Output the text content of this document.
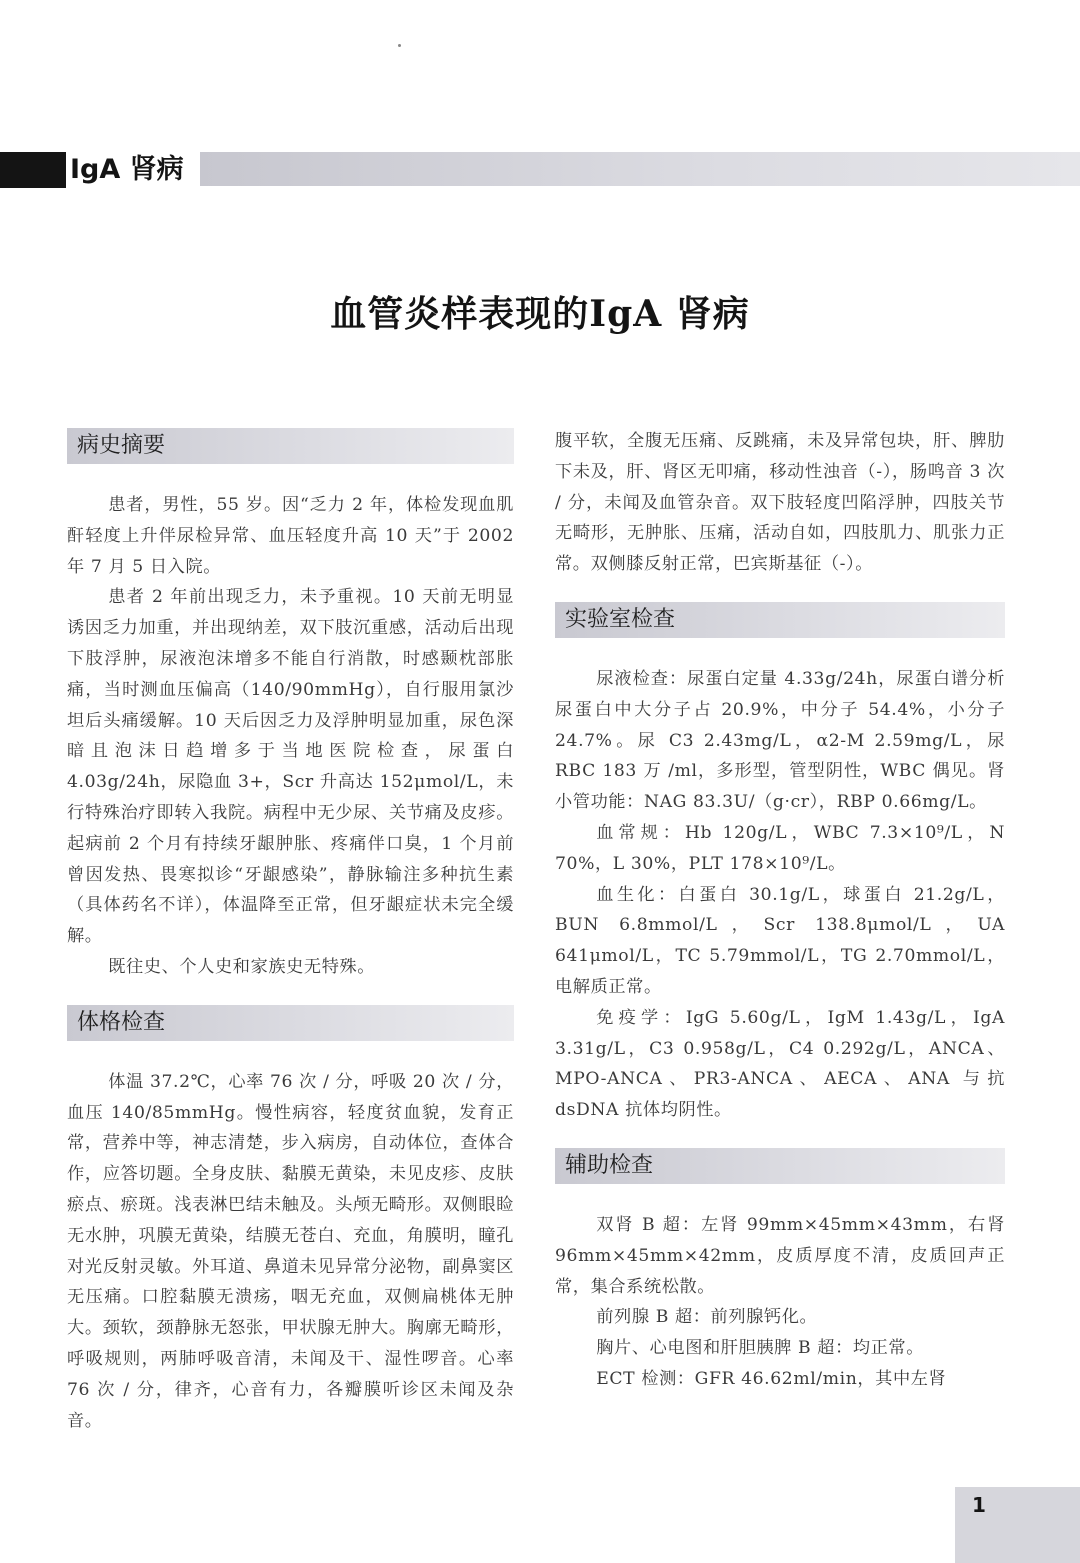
IgA 肾病
血管炎样表现的IgA 肾病
病史摘要

患者，男性，55 岁。因“乏力 2 年，体检发现血肌酐轻度上升伴尿检异常、血压轻度升高 10 天”于 2002 年 7 月 5 日入院。

患者 2 年前出现乏力，未予重视。10 天前无明显诱因乏力加重，并出现纳差，双下肢沉重感，活动后出现下肢浮肿，尿液泡沫增多不能自行消散，时感颞枕部胀痛，当时测血压偏高（140/90mmHg），自行服用氯沙坦后头痛缓解。10 天后因乏力及浮肿明显加重，尿色深暗且泡沫日趋增多于当地医院检查，尿蛋白 4.03g/24h，尿隐血 3+，Scr 升高达 152μmol/L，未行特殊治疗即转入我院。病程中无少尿、关节痛及皮疹。起病前 2 个月有持续牙龈肿胀、疼痛伴口臭，1 个月前曾因发热、畏寒拟诊“牙龈感染”，静脉输注多种抗生素（具体药名不详），体温降至正常，但牙龈症状未完全缓解。

既往史、个人史和家族史无特殊。

体格检查

体温 37.2℃，心率 76 次 / 分，呼吸 20 次 / 分，血压 140/85mmHg。慢性病容，轻度贫血貌，发育正常，营养中等，神志清楚，步入病房，自动体位，查体合作，应答切题。全身皮肤、黏膜无黄染，未见皮疹、皮肤瘀点、瘀斑。浅表淋巴结未触及。头颅无畸形。双侧眼睑无水肿，巩膜无黄染，结膜无苍白、充血，角膜明，瞳孔对光反射灵敏。外耳道、鼻道未见异常分泌物，副鼻窦区无压痛。口腔黏膜无溃疡，咽无充血，双侧扁桃体无肿大。颈软，颈静脉无怒张，甲状腺无肿大。胸廓无畸形，呼吸规则，两肺呼吸音清，未闻及干、湿性啰音。心率 76 次 / 分，律齐，心音有力，各瓣膜听诊区未闻及杂音。

腹平软，全腹无压痛、反跳痛，未及异常包块，肝、脾肋下未及，肝、肾区无叩痛，移动性浊音（-），肠鸣音 3 次 / 分，未闻及血管杂音。双下肢轻度凹陷浮肿，四肢关节无畸形，无肿胀、压痛，活动自如，四肢肌力、肌张力正常。双侧膝反射正常，巴宾斯基征（-）。

实验室检查

尿液检查：尿蛋白定量 4.33g/24h，尿蛋白谱分析尿蛋白中大分子占 20.9%，中分子 54.4%，小分子 24.7%。尿 C3 2.43mg/L，α2-M 2.59mg/L，尿 RBC 183 万 /ml，多形型，管型阴性，WBC 偶见。肾小管功能：NAG 83.3U/（g·cr），RBP 0.66mg/L。

血常规：Hb 120g/L，WBC 7.3×10⁹/L，N 70%，L 30%，PLT 178×10⁹/L。

血生化：白蛋白 30.1g/L，球蛋白 21.2g/L，BUN 6.8mmol/L，Scr 138.8μmol/L，UA 641μmol/L，TC 5.79mmol/L，TG 2.70mmol/L，电解质正常。

免疫学：IgG 5.60g/L，IgM 1.43g/L，IgA 3.31g/L，C3 0.958g/L，C4 0.292g/L，ANCA、MPO-ANCA、PR3-ANCA、AECA、ANA 与抗 dsDNA 抗体均阴性。

辅助检查

双肾 B 超：左肾 99mm×45mm×43mm，右肾 96mm×45mm×42mm，皮质厚度不清，皮质回声正常，集合系统松散。

前列腺 B 超：前列腺钙化。

胸片、心电图和肝胆胰脾 B 超：均正常。

ECT 检测：GFR 46.62ml/min，其中左肾

1
